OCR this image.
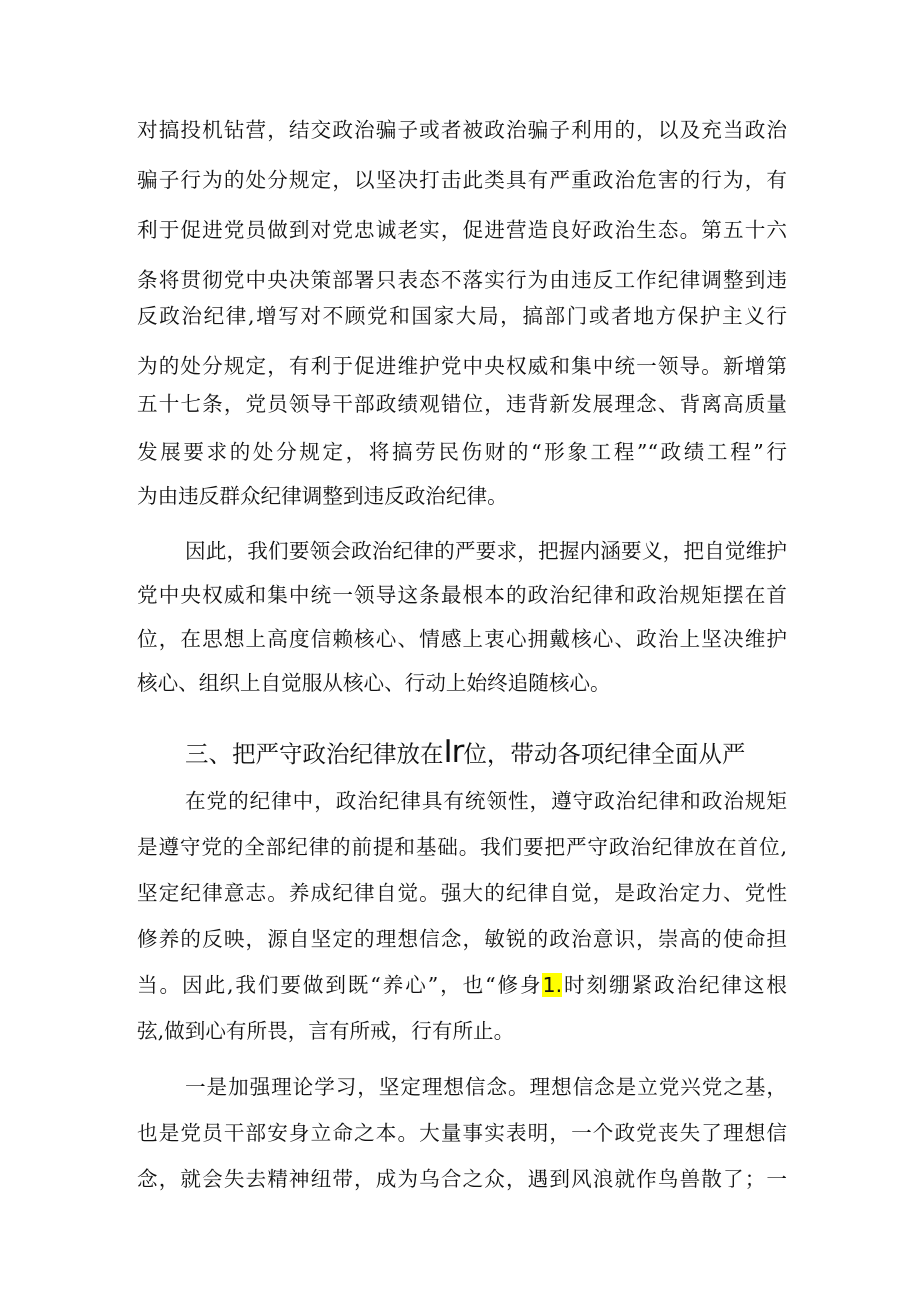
对搞投机钻营，结交政治骗子或者被政治骗子利用的，以及充当政治
骗子行为的处分规定，以坚决打击此类具有严重政治危害的行为，有
利于促进党员做到对党忠诚老实，促进营造良好政治生态。第五十六
条将贯彻党中央决策部署只表态不落实行为由违反工作纪律调整到违
反政治纪律,增写对不顾党和国家大局，搞部门或者地方保护主义行
为的处分规定，有利于促进维护党中央权威和集中统一领导。新增第
五十七条，党员领导干部政绩观错位，违背新发展理念、背离高质量
发展要求的处分规定，将搞劳民伤财的“形象工程”“政绩工程”行
为由违反群众纪律调整到违反政治纪律。
因此，我们要领会政治纪律的严要求，把握内涵要义，把自觉维护
党中央权威和集中统一领导这条最根本的政治纪律和政治规矩摆在首
位，在思想上高度信赖核心、情感上衷心拥戴核心、政治上坚决维护
核心、组织上自觉服从核心、行动上始终追随核心。
三、把严守政治纪律放在Ir位，带动各项纪律全面从严
在党的纪律中，政治纪律具有统领性，遵守政治纪律和政治规矩
是遵守党的全部纪律的前提和基础。我们要把严守政治纪律放在首位,
坚定纪律意志。养成纪律自觉。强大的纪律自觉，是政治定力、党性
修养的反映，源自坚定的理想信念，敏锐的政治意识，崇高的使命担
当。因此,我们要做到既“养心”，也“修身1.时刻绷紧政治纪律这根
弦,做到心有所畏，言有所戒，行有所止。
一是加强理论学习，坚定理想信念。理想信念是立党兴党之基，
也是党员干部安身立命之本。大量事实表明，一个政党丧失了理想信
念，就会失去精神纽带，成为乌合之众，遇到风浪就作鸟兽散了；一
